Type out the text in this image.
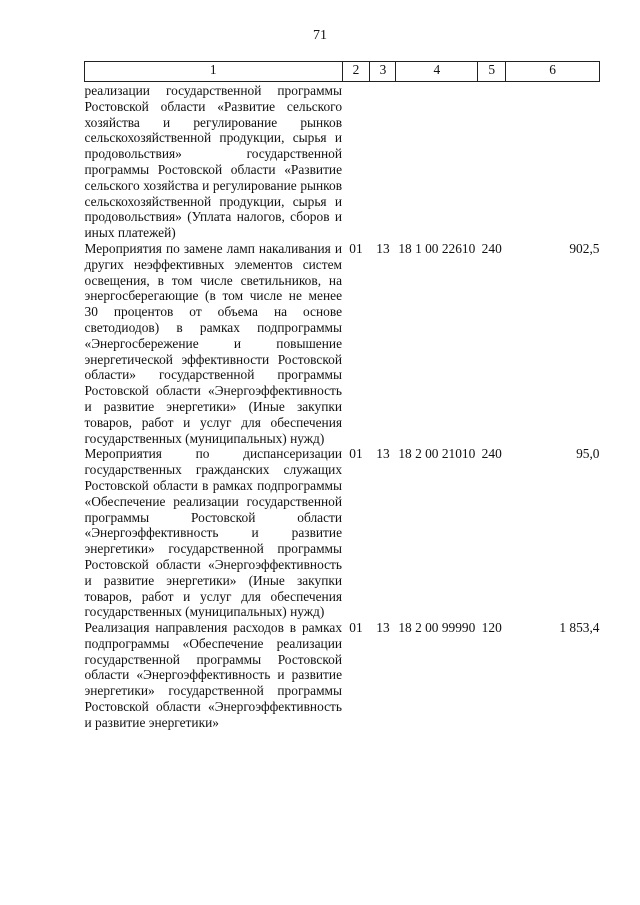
71
1	2	3	4	5	6
реализации государственной программы Ростовской области «Развитие сельского хозяйства и регулирование рынков сельскохозяйственной продукции, сырья и продовольствия» государственной программы Ростовской области «Развитие сельского хозяйства и регулирование рынков сельскохозяйственной продукции, сырья и продовольствия» (Уплата налогов, сборов и иных платежей)					
Мероприятия по замене ламп накаливания и других неэффективных элементов систем освещения, в том числе светильников, на энергосберегающие (в том числе не менее 30 процентов от объема на основе светодиодов) в рамках подпрограммы «Энергосбережение и повышение энергетической эффективности Ростовской области» государственной программы Ростовской области «Энергоэффективность и развитие энергетики» (Иные закупки товаров, работ и услуг для обеспечения государственных (муниципальных) нужд)	01	13	18 1 00 22610	240	902,5
Мероприятия по диспансеризации государственных гражданских служащих Ростовской области в рамках подпрограммы «Обеспечение реализации государственной программы Ростовской области «Энергоэффективность и развитие энергетики» государственной программы Ростовской области «Энергоэффективность и развитие энергетики» (Иные закупки товаров, работ и услуг для обеспечения государственных (муниципальных) нужд)	01	13	18 2 00 21010	240	95,0
Реализация направления расходов в рамках подпрограммы «Обеспечение реализации государственной программы Ростовской области «Энергоэффективность и развитие энергетики» государственной программы Ростовской области «Энергоэффективность и развитие энергетики»	01	13	18 2 00 99990	120	1 853,4
